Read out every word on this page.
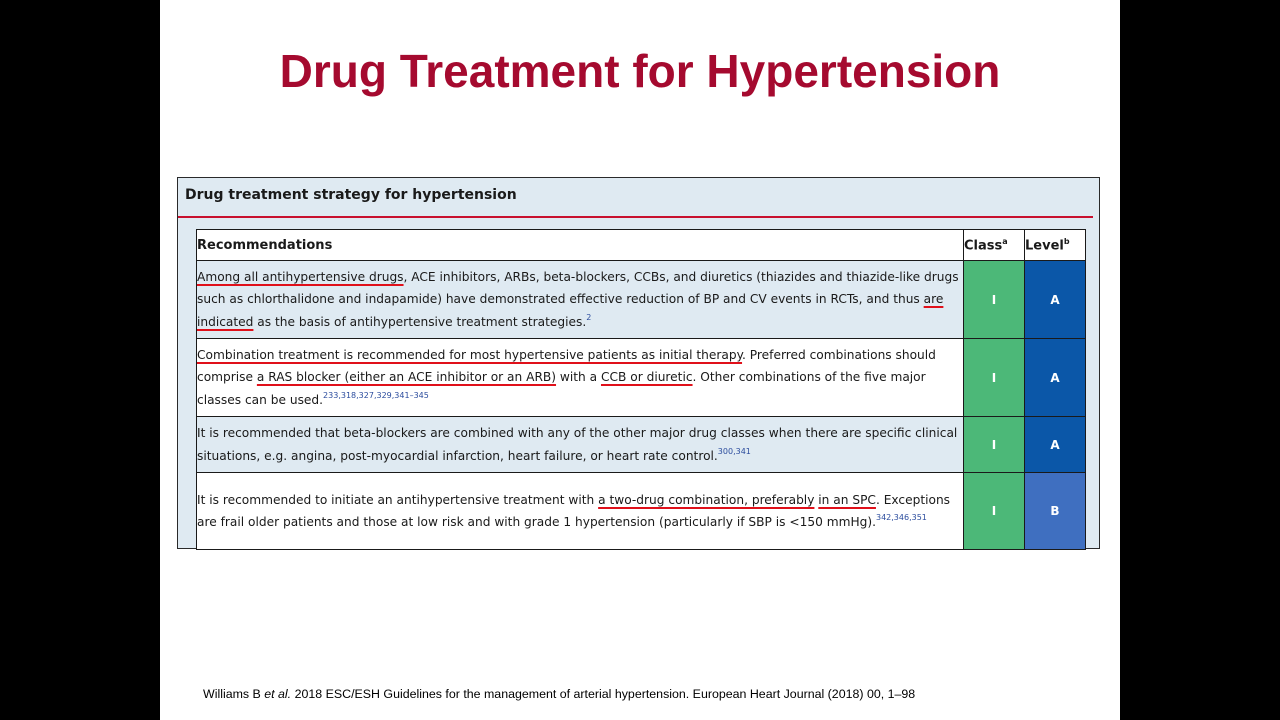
Drug Treatment for Hypertension
Drug treatment strategy for hypertension
Recommendations	Class$^a$	Level$^b$
Among all antihypertensive drugs, ACE inhibitors, ARBs, beta-blockers, CCBs, and diuretics (thiazides and thiazide-like drugs such as chlorthalidone and indapamide) have demonstrated effective reduction of BP and CV events in RCTs, and thus are indicated as the basis of antihypertensive treatment strategies.$^2$	I	A
Combination treatment is recommended for most hypertensive patients as initial therapy. Preferred combinations should comprise a RAS blocker (either an ACE inhibitor or an ARB) with a CCB or diuretic. Other combinations of the five major classes can be used.$^{233,318,327,329,341-345}$	I	A
It is recommended that beta-blockers are combined with any of the other major drug classes when there are specific clinical situations, e.g. angina, post-myocardial infarction, heart failure, or heart rate control.$^{300,341}$	I	A
It is recommended to initiate an antihypertensive treatment with a two-drug combination, preferably in an SPC. Exceptions are frail older patients and those at low risk and with grade 1 hypertension (particularly if SBP is <150 mmHg).$^{342,346,351}$	I	B
Williams B et al. 2018 ESC/ESH Guidelines for the management of arterial hypertension. European Heart Journal (2018) 00, 1–98
